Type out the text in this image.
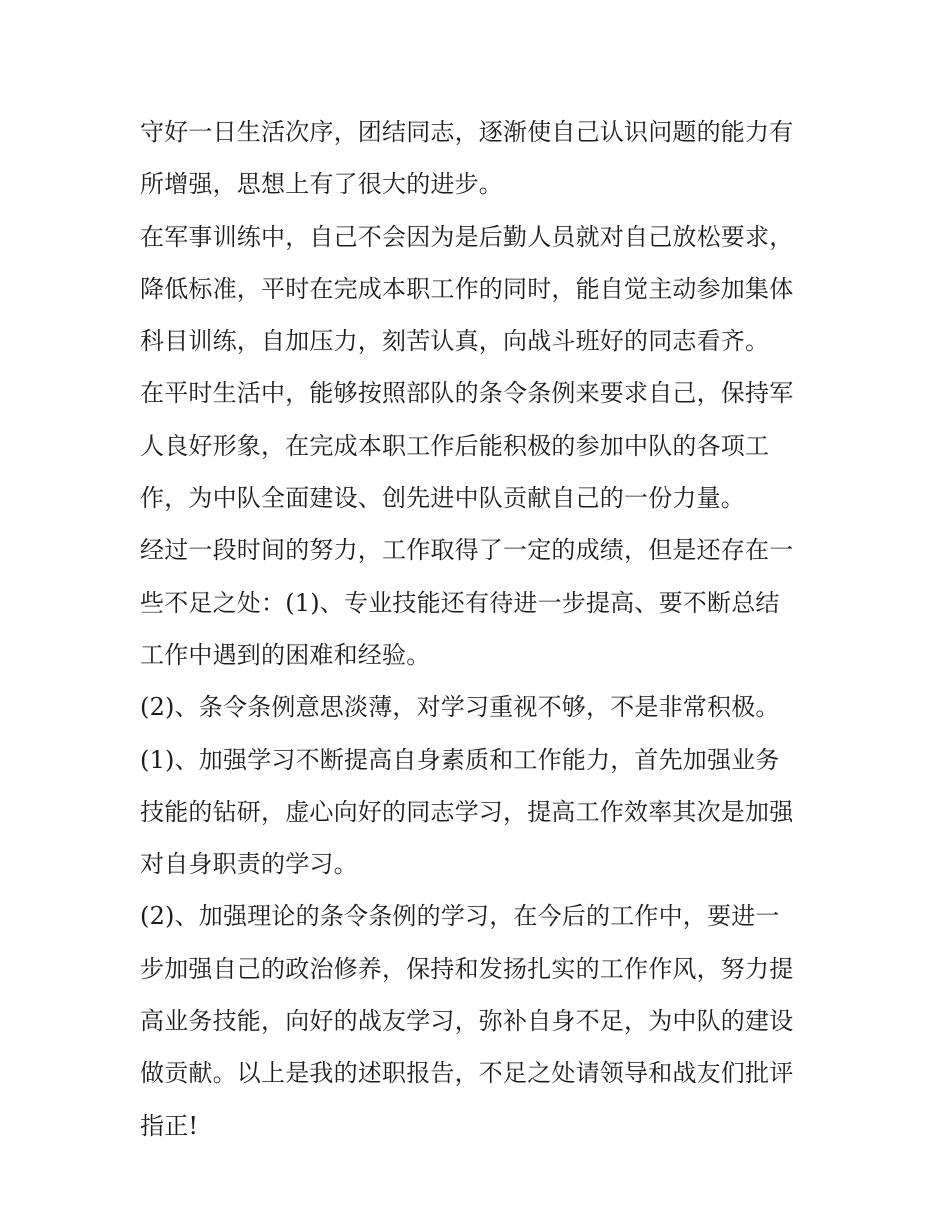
守好一日生活次序，团结同志，逐渐使自己认识问题的能力有

所增强，思想上有了很大的进步。

在军事训练中，自己不会因为是后勤人员就对自己放松要求，

降低标准，平时在完成本职工作的同时，能自觉主动参加集体

科目训练，自加压力，刻苦认真，向战斗班好的同志看齐。

在平时生活中，能够按照部队的条令条例来要求自己，保持军

人良好形象，在完成本职工作后能积极的参加中队的各项工

作，为中队全面建设、创先进中队贡献自己的一份力量。

经过一段时间的努力，工作取得了一定的成绩，但是还存在一

些不足之处：(1)、专业技能还有待进一步提高、要不断总结

工作中遇到的困难和经验。

(2)、条令条例意思淡薄，对学习重视不够，不是非常积极。

(1)、加强学习不断提高自身素质和工作能力，首先加强业务

技能的钻研，虚心向好的同志学习，提高工作效率其次是加强

对自身职责的学习。

(2)、加强理论的条令条例的学习，在今后的工作中，要进一

步加强自己的政治修养，保持和发扬扎实的工作作风，努力提

高业务技能，向好的战友学习，弥补自身不足，为中队的建设

做贡献。以上是我的述职报告，不足之处请领导和战友们批评

指正!
